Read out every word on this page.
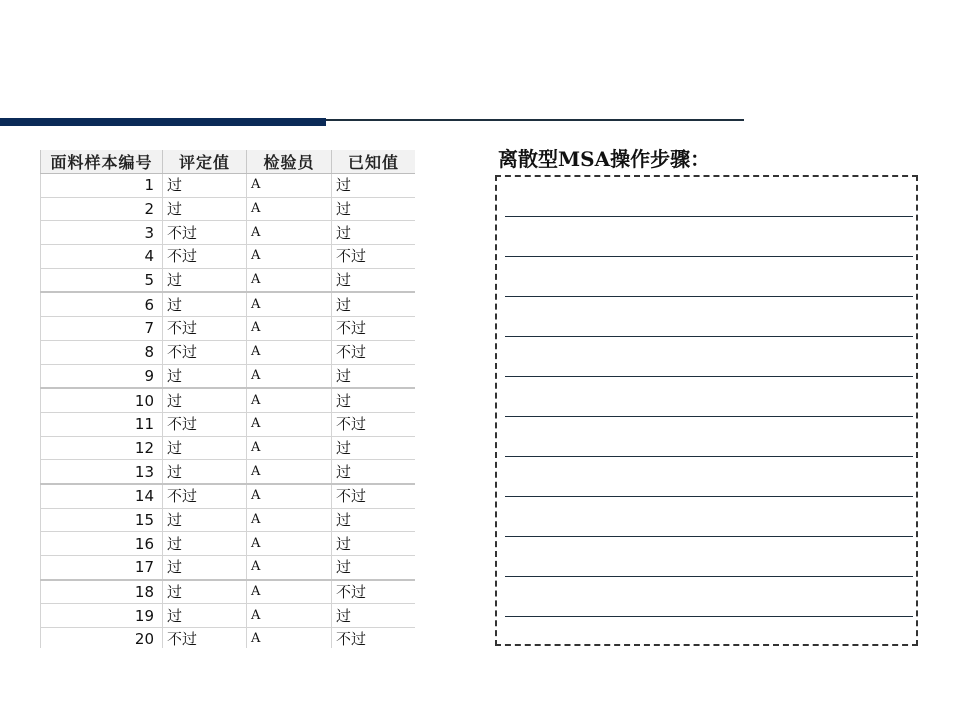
面料样本编号	评定值	检验员	已知值
1	过	A	过
2	过	A	过
3	不过	A	过
4	不过	A	不过
5	过	A	过
6	过	A	过
7	不过	A	不过
8	不过	A	不过
9	过	A	过
10	过	A	过
11	不过	A	不过
12	过	A	过
13	过	A	过
14	不过	A	不过
15	过	A	过
16	过	A	过
17	过	A	过
18	过	A	不过
19	过	A	过
20	不过	A	不过
离散型MSA操作步骤：
